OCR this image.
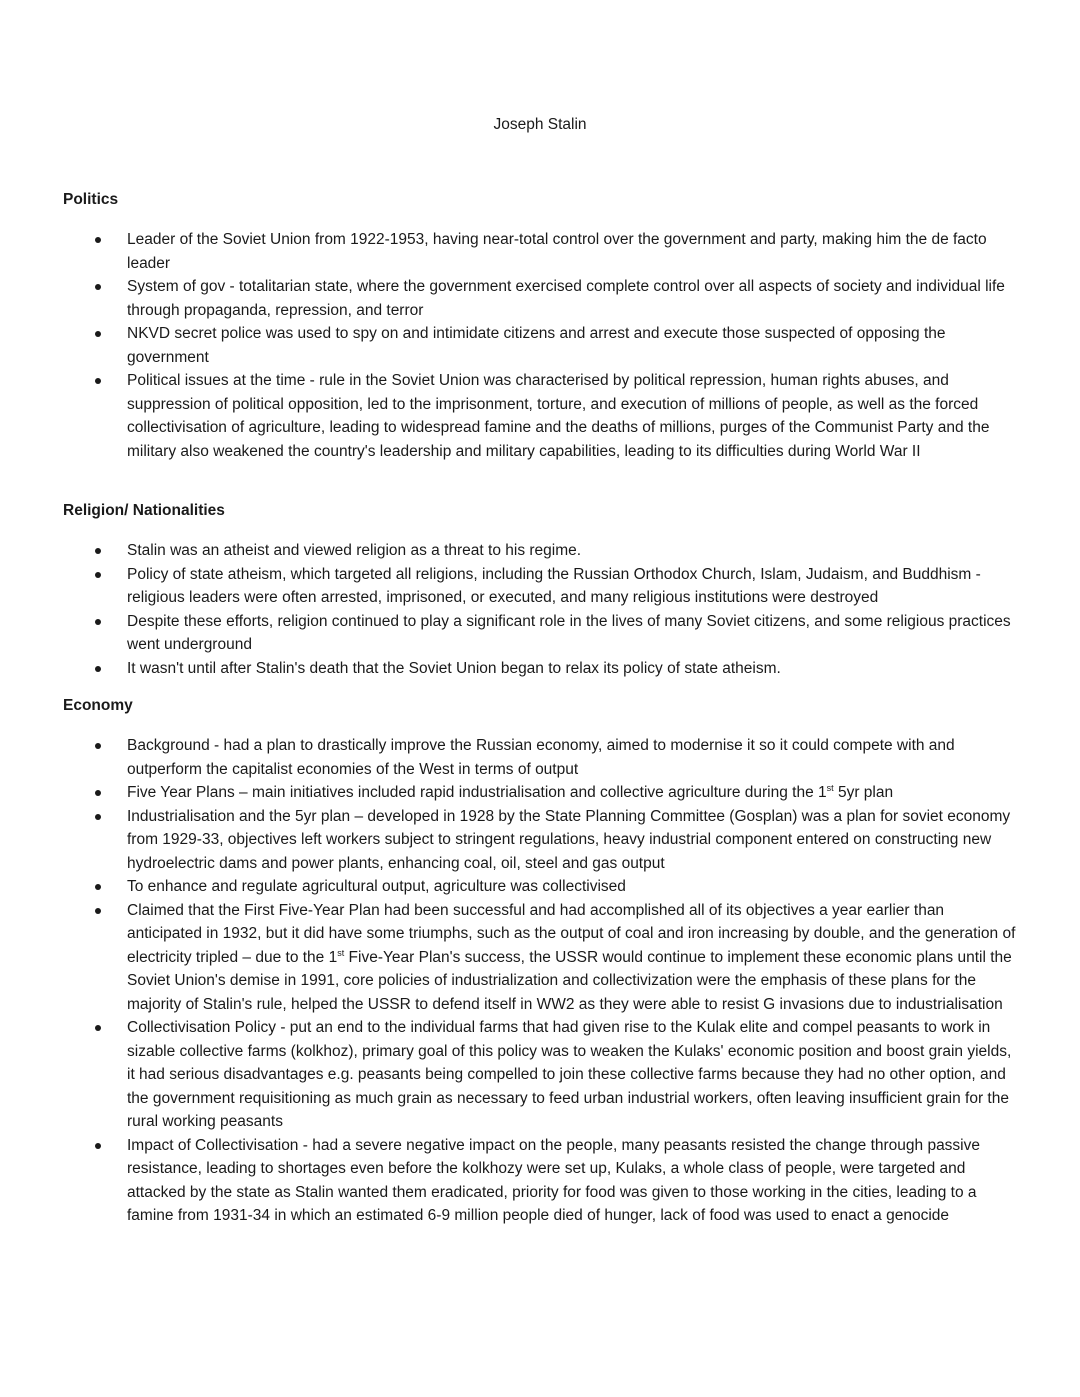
Joseph Stalin

Politics

Leader of the Soviet Union from 1922-1953, having near-total control over the government and party, making him the de facto leader
System of gov - totalitarian state, where the government exercised complete control over all aspects of society and individual life through propaganda, repression, and terror
NKVD secret police was used to spy on and intimidate citizens and arrest and execute those suspected of opposing the government
Political issues at the time - rule in the Soviet Union was characterised by political repression, human rights abuses, and suppression of political opposition, led to the imprisonment, torture, and execution of millions of people, as well as the forced collectivisation of agriculture, leading to widespread famine and the deaths of millions, purges of the Communist Party and the military also weakened the country's leadership and military capabilities, leading to its difficulties during World War II

Religion/ Nationalities

Stalin was an atheist and viewed religion as a threat to his regime.
Policy of state atheism, which targeted all religions, including the Russian Orthodox Church, Islam, Judaism, and Buddhism - religious leaders were often arrested, imprisoned, or executed, and many religious institutions were destroyed
Despite these efforts, religion continued to play a significant role in the lives of many Soviet citizens, and some religious practices went underground
It wasn't until after Stalin's death that the Soviet Union began to relax its policy of state atheism.

Economy

Background - had a plan to drastically improve the Russian economy, aimed to modernise it so it could compete with and outperform the capitalist economies of the West in terms of output
Five Year Plans – main initiatives included rapid industrialisation and collective agriculture during the 1st 5yr plan
Industrialisation and the 5yr plan – developed in 1928 by the State Planning Committee (Gosplan) was a plan for soviet economy from 1929-33, objectives left workers subject to stringent regulations, heavy industrial component entered on constructing new hydroelectric dams and power plants, enhancing coal, oil, steel and gas output
To enhance and regulate agricultural output, agriculture was collectivised
Claimed that the First Five-Year Plan had been successful and had accomplished all of its objectives a year earlier than anticipated in 1932, but it did have some triumphs, such as the output of coal and iron increasing by double, and the generation of electricity tripled – due to the 1st Five-Year Plan's success, the USSR would continue to implement these economic plans until the Soviet Union's demise in 1991, core policies of industrialization and collectivization were the emphasis of these plans for the majority of Stalin's rule, helped the USSR to defend itself in WW2 as they were able to resist G invasions due to industrialisation
Collectivisation Policy - put an end to the individual farms that had given rise to the Kulak elite and compel peasants to work in sizable collective farms (kolkhoz), primary goal of this policy was to weaken the Kulaks' economic position and boost grain yields, it had serious disadvantages e.g. peasants being compelled to join these collective farms because they had no other option, and the government requisitioning as much grain as necessary to feed urban industrial workers, often leaving insufficient grain for the rural working peasants
Impact of Collectivisation - had a severe negative impact on the people, many peasants resisted the change through passive resistance, leading to shortages even before the kolkhozy were set up, Kulaks, a whole class of people, were targeted and attacked by the state as Stalin wanted them eradicated, priority for food was given to those working in the cities, leading to a famine from 1931-34 in which an estimated 6-9 million people died of hunger, lack of food was used to enact a genocide
